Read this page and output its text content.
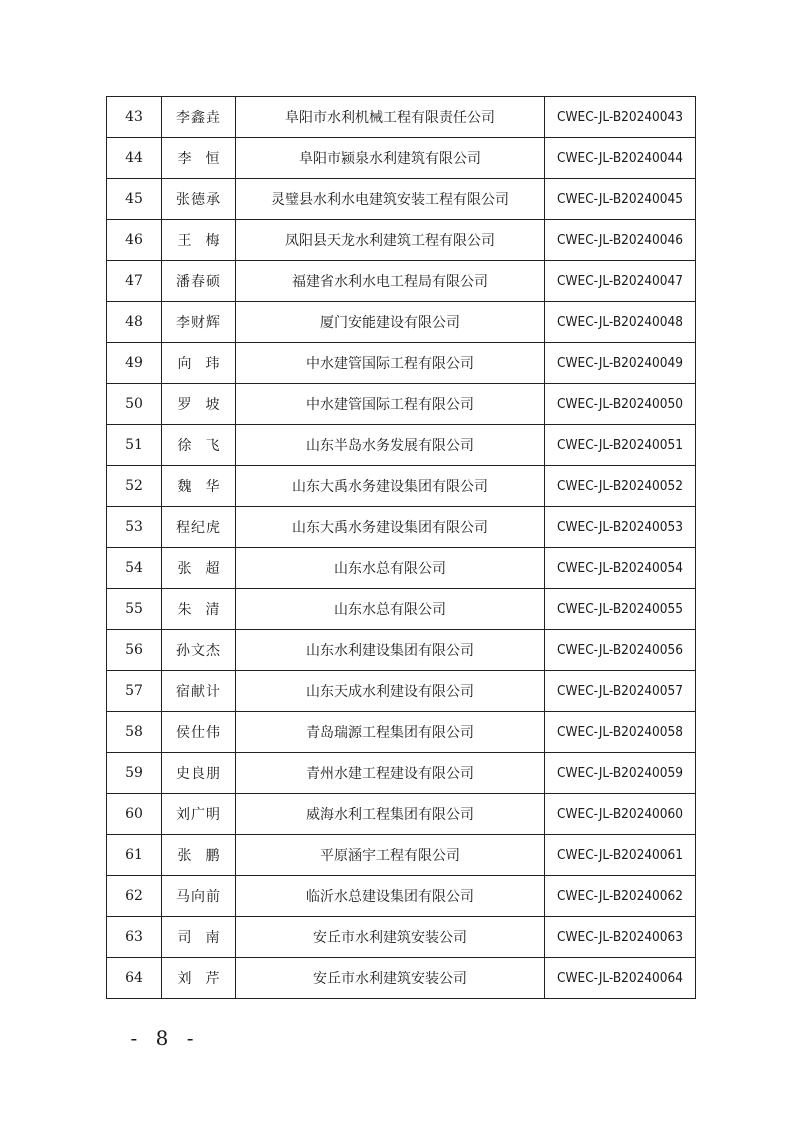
43	李鑫垚	阜阳市水利机械工程有限责任公司	CWEC-JL-B20240043
44	李恒	阜阳市颍泉水利建筑有限公司	CWEC-JL-B20240044
45	张德承	灵璧县水利水电建筑安装工程有限公司	CWEC-JL-B20240045
46	王梅	凤阳县天龙水利建筑工程有限公司	CWEC-JL-B20240046
47	潘春硕	福建省水利水电工程局有限公司	CWEC-JL-B20240047
48	李财辉	厦门安能建设有限公司	CWEC-JL-B20240048
49	向玮	中水建管国际工程有限公司	CWEC-JL-B20240049
50	罗坡	中水建管国际工程有限公司	CWEC-JL-B20240050
51	徐飞	山东半岛水务发展有限公司	CWEC-JL-B20240051
52	魏华	山东大禹水务建设集团有限公司	CWEC-JL-B20240052
53	程纪虎	山东大禹水务建设集团有限公司	CWEC-JL-B20240053
54	张超	山东水总有限公司	CWEC-JL-B20240054
55	朱清	山东水总有限公司	CWEC-JL-B20240055
56	孙文杰	山东水利建设集团有限公司	CWEC-JL-B20240056
57	宿献计	山东天成水利建设有限公司	CWEC-JL-B20240057
58	侯仕伟	青岛瑞源工程集团有限公司	CWEC-JL-B20240058
59	史良朋	青州水建工程建设有限公司	CWEC-JL-B20240059
60	刘广明	威海水利工程集团有限公司	CWEC-JL-B20240060
61	张鹏	平原涵宇工程有限公司	CWEC-JL-B20240061
62	马向前	临沂水总建设集团有限公司	CWEC-JL-B20240062
63	司南	安丘市水利建筑安装公司	CWEC-JL-B20240063
64	刘芹	安丘市水利建筑安装公司	CWEC-JL-B20240064
- 8 -
